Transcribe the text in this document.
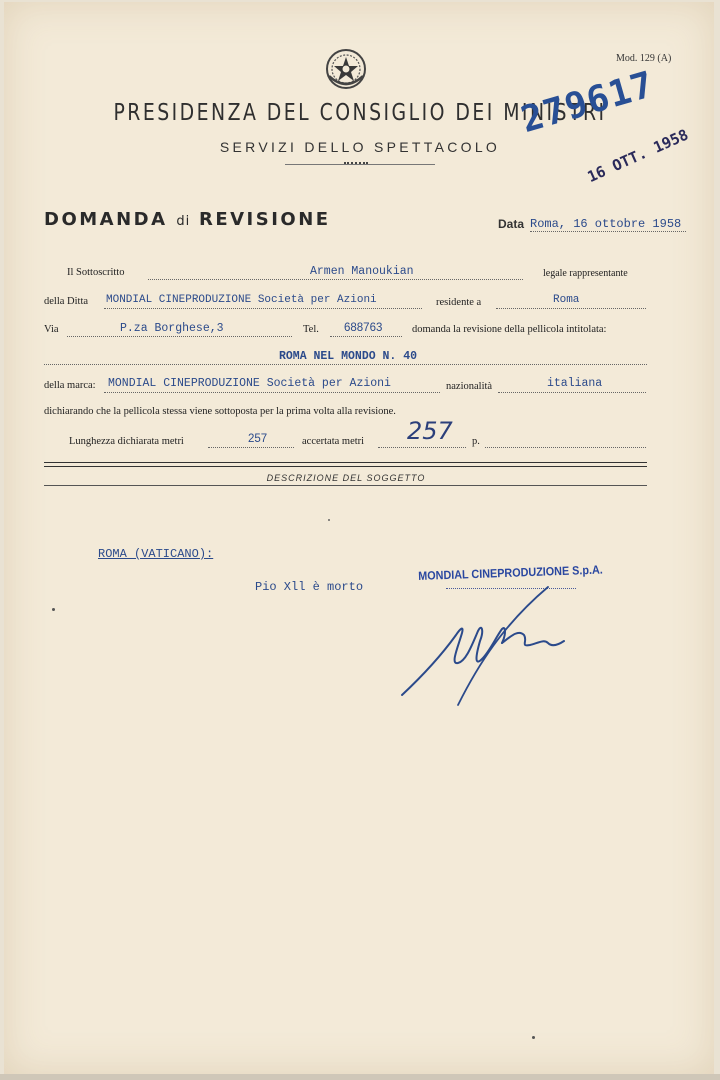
Mod. 129 (A)
PRESIDENZA DEL CONSIGLIO DEI MINISTRI
SERVIZI DELLO SPETTACOLO
279617
16 OTT. 1958
DOMANDA di REVISIONE	Data Roma, 16 ottobre 1958
Il Sottoscritto	Armen Manoukian	legale rappresentante
della Ditta MONDIAL CINEPRODUZIONE Società per Azioni	residente a	Roma
Via	P.za Borghese,3	Tel. 688763	domanda la revisione della pellicola intitolata:
ROMA NEL MONDO N. 40
della marca: MONDIAL CINEPRODUZIONE Società per Azioni	nazionalità	italiana
dichiarando che la pellicola stessa viene sottoposta per la prima volta alla revisione.
Lunghezza dichiarata metri	257	accertata metri 257 p.
DESCRIZIONE DEL SOGGETTO
ROMA (VATICANO):
Pio Xll è morto
MONDIAL CINEPRODUZIONE S.p.A.
